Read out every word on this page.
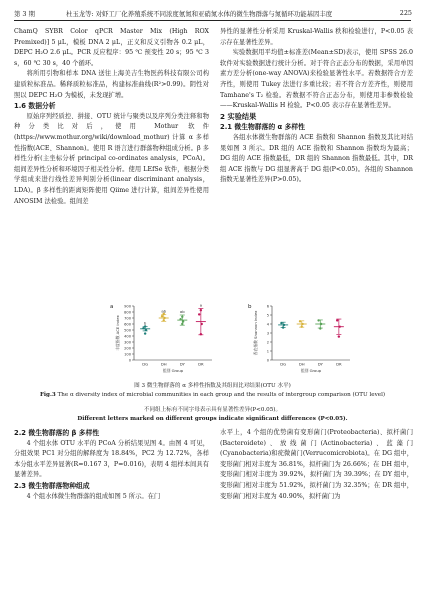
第 3 期	杜玉龙等: 对虾工厂化养殖系统不同浓度氨氮和亚硝氮水体的微生物群落与氮循环功能基因丰度	225

ChamQ SYBR Color qPCR Master Mix (High ROX Premixed)] 5 μL，模板 DNA 2 μL，正义和反义引物各 0.2 μL，DEPC H₂O 2.6 μL。PCR 反应程序：95 ℃ 预变性 20 s；95 ℃ 3 s，60 ℃ 30 s，40 个循环。

将所用引物和样本 DNA 送往上海美吉生物医药科技有限公司构建质粒标准品。稀释质粒标准品，构建标准曲线(R²>0.99)。阴性对照以 DEPC H₂O 为模板，未发现扩增。

1.6 数据分析

原始序列经质控、拼接、OTU 统计与聚类以及序列分类注释和物种分类比对后，使用 Mothur 软件 (https://www.mothur.org/wiki/download_mothur) 计算 α 多样性指数(ACE、Shannon)。使用 R 语言进行群落物种组成分析。β 多样性分析(主坐标分析 principal co-ordinates analysis，PCoA)。组间差异性分析和环境因子相关性分析。使用 LEfSe 软件，根据分类学组成来进行线性差异判别分析(linear discriminant analysis，LDA)。β 多样性的距离矩阵使用 Qiime 进行计算，组间差异性使用 ANOSIM 法检验。组间差

异性的显著性分析采用 Kruskal-Wallis 秩和检验进行，P<0.05 表示存在显著性差异。

实验数据用平均值±标准差(Mean±SD)表示，使用 SPSS 26.0 软件对实验数据进行统计分析。对于符合正态分布的数据，采用单因素方差分析(one-way ANOVA)来检验显著性水平。若数据符合方差齐性，则使用 Tukey 法进行多重比较；若不符合方差齐性，则使用 Tamhane's T₂ 检验。若数据不符合正态分布，则使用非参数检验——Kruskal-Wallis H 检验。P<0.05 表示存在显著性差异。

2 实验结果

2.1 微生物群落的 α 多样性

各组水体微生物群落的 ACE 指数和 Shannon 指数及其比对结果如图 3 所示。DR 组的 ACE 指数和 Shannon 指数均为最高；DG 组的 ACE 指数最低，DR 组的 Shannon 指数最低。其中，DR 组 ACE 指数与 DG 组显著高于 DG 组(P<0.05)。各组的 Shannon 指数无显著性差异(P>0.05)。

a
0
100
200
300
400
500
600
700
800
900
丰度指数 ACE index	b
DG
ab
DH
ab
DY
a
DR
组别 Group
b
0
1
2
3
4
5
6
香农指数 Shannon index
DG	DH	DY	DR
组别 Group
图 3 微生物群落的 α 多样性指数及其组间比对结果(OTU 水平)
Fig.3 The α diversity index of microbial communities in each group and the results of intergroup comparison (OTU level)
不同组上标有不同字母表示具有显著性差异(P<0.05)。
Different letters marked on different groups indicate significant differences (P<0.05).

2.2 微生物群落的 β 多样性

4 个组水体 OTU 水平的 PCoA 分析结果见图 4。由图 4 可见，分组效果 PC1 对分组的解释度为 18.84%，PC2 为 12.72%，各样本分组水平差异显著(R=0.167 3，P=0.016)，表明 4 组样本间具有显著差异。

2.3 微生物群落物种组成

4 个组水体微生物群落的组成如图 5 所示。在门

水平上，4 个组的优势菌有变形菌门(Proteobacteria)、拟杆菌门(Bacteroidete)、放线菌门(Actinobacteria)、蓝藻门(Cyanobacteria)和疣微菌门(Verrucomicrobiota)。在 DG 组中，变形菌门相对丰度为 36.81%，拟杆菌门为 26.66%；在 DH 组中，变形菌门相对丰度为 39.92%，拟杆菌门为 39.39%；在 DY 组中，变形菌门相对丰度为 51.92%，拟杆菌门为 32.35%；在 DR 组中，变形菌门相对丰度为 40.90%，拟杆菌门为
